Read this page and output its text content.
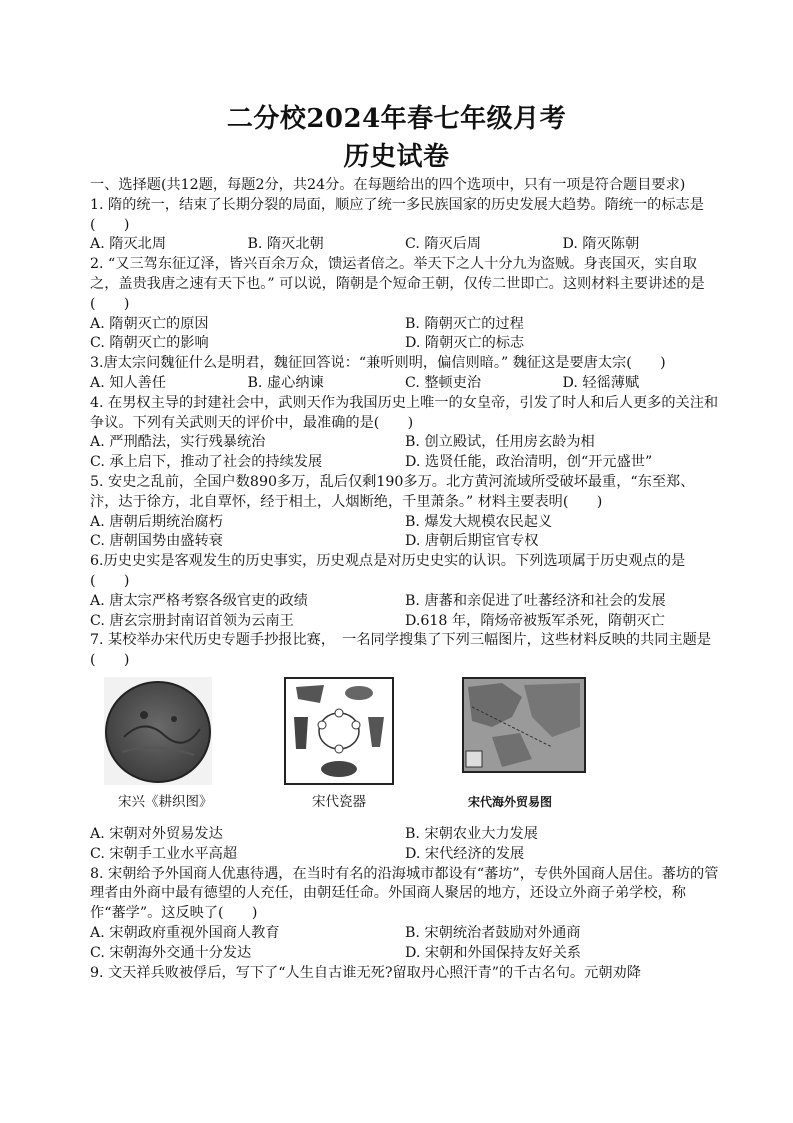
二分校2024年春七年级月考
历史试卷

一、选择题(共12题，每题2分，共24分。在每题给出的四个选项中，只有一项是符合题目要求)

1. 隋的统一，结束了长期分裂的局面，顺应了统一多民族国家的历史发展大趋势。隋统一的标志是(　　)

A. 隋灭北周	B. 隋灭北朝	C. 隋灭后周	D. 隋灭陈朝

2. “又三驾东征辽泽，皆兴百余万众，馈运者倍之。举天下之人十分九为盗贼。身丧国灭，实自取之，盖贵我唐之速有天下也。” 可以说，隋朝是个短命王朝，仅传二世即亡。这则材料主要讲述的是(　　)

A. 隋朝灭亡的原因	B. 隋朝灭亡的过程
C. 隋朝灭亡的影响	D. 隋朝灭亡的标志

3.唐太宗问魏征什么是明君，魏征回答说：“兼听则明，偏信则暗。” 魏征这是要唐太宗(　　)

A. 知人善任	B. 虚心纳谏	C. 整顿吏治	D. 轻徭薄赋

4. 在男权主导的封建社会中，武则天作为我国历史上唯一的女皇帝，引发了时人和后人更多的关注和争议。下列有关武则天的评价中，最准确的是(　　)

A. 严刑酷法，实行残暴统治	B. 创立殿试，任用房玄龄为相
C. 承上启下，推动了社会的持续发展	D. 选贤任能，政治清明，创“开元盛世”

5. 安史之乱前，全国户数890多万，乱后仅剩190多万。北方黄河流域所受破坏最重，“东至郑、汴，达于徐方，北自覃怀，经于相土，人烟断绝，千里萧条。” 材料主要表明(　　)

A. 唐朝后期统治腐朽	B. 爆发大规模农民起义
C. 唐朝国势由盛转衰	D. 唐朝后期宦官专权

6.历史史实是客观发生的历史事实，历史观点是对历史史实的认识。下列选项属于历史观点的是(　　)

A. 唐太宗严格考察各级官吏的政绩	B. 唐蕃和亲促进了吐蕃经济和社会的发展
C. 唐玄宗册封南诏首领为云南王	D.618 年，隋炀帝被叛军杀死，隋朝灭亡

7. 某校举办宋代历史专题手抄报比赛，　一名同学搜集了下列三幅图片，这些材料反映的共同主题是(　　)

宋兴《耕织图》	宋代瓷器	宋代海外贸易图
A. 宋朝对外贸易发达	B. 宋朝农业大力发展
C. 宋朝手工业水平高超	D. 宋代经济的发展

8. 宋朝给予外国商人优惠待遇，在当时有名的沿海城市都设有“蕃坊”，专供外国商人居住。蕃坊的管理者由外商中最有德望的人充任，由朝廷任命。外国商人聚居的地方，还设立外商子弟学校，称作“蕃学”。这反映了(　　)

A. 宋朝政府重视外国商人教育	B. 宋朝统治者鼓励对外通商
C. 宋朝海外交通十分发达	D. 宋朝和外国保持友好关系

9. 文天祥兵败被俘后，写下了“人生自古谁无死?留取丹心照汗青”的千古名句。元朝劝降
